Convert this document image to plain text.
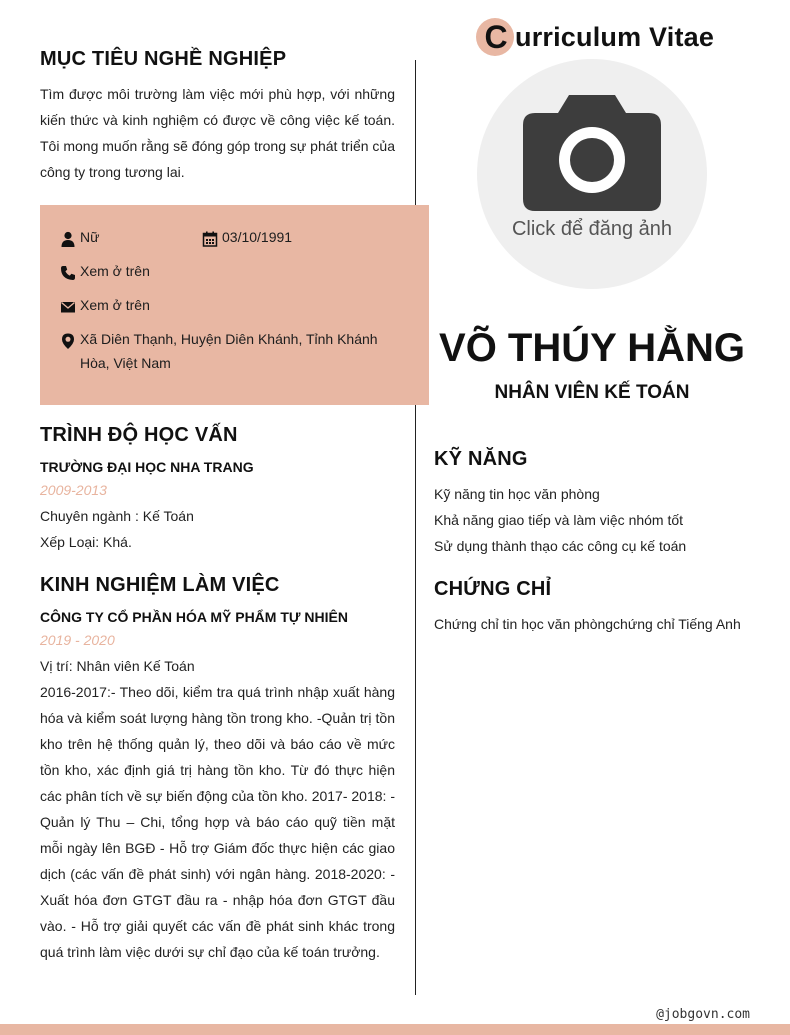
C urriculum Vitae
Click để đăng ảnh
VÕ THÚY HẰNG
NHÂN VIÊN KẾ TOÁN
MỤC TIÊU NGHỀ NGHIỆP
Tìm được môi trường làm việc mới phù hợp, với những kiến thức và kinh nghiệm có được về công việc kế toán. Tôi mong muốn rằng sẽ đóng góp trong sự phát triển của công ty trong tương lai.
Nữ	03/10/1991
Xem ở trên
Xem ở trên
Xã Diên Thạnh, Huyện Diên Khánh, Tỉnh Khánh
Hòa, Việt Nam
TRÌNH ĐỘ HỌC VẤN
TRƯỜNG ĐẠI HỌC NHA TRANG
2009-2013
Chuyên ngành : Kế Toán
Xếp Loại: Khá.
KINH NGHIỆM LÀM VIỆC
CÔNG TY CỔ PHẦN HÓA MỸ PHẨM TỰ NHIÊN
2019 - 2020
Vị trí: Nhân viên Kế Toán
2016-2017:- Theo dõi, kiểm tra quá trình nhập xuất hàng hóa và kiểm soát lượng hàng tồn trong kho. -Quản trị tồn kho trên hệ thống quản lý, theo dõi và báo cáo về mức tồn kho, xác định giá trị hàng tồn kho. Từ đó thực hiện các phân tích về sự biến động của tồn kho. 2017- 2018: -Quản lý Thu – Chi, tổng hợp và báo cáo quỹ tiền mặt mỗi ngày lên BGĐ - Hỗ trợ Giám đốc thực hiện các giao dịch (các vấn đề phát sinh) với ngân hàng. 2018-2020: - Xuất hóa đơn GTGT đầu ra - nhập hóa đơn GTGT đầu vào. - Hỗ trợ giải quyết các vấn đề phát sinh khác trong quá trình làm việc dưới sự chỉ đạo của kế toán trưởng.
KỸ NĂNG
Kỹ năng tin học văn phòng
Khả năng giao tiếp và làm việc nhóm tốt
Sử dụng thành thạo các công cụ kế toán
CHỨNG CHỈ
Chứng chỉ tin học văn phòngchứng chỉ Tiếng Anh
@jobgovn.com
